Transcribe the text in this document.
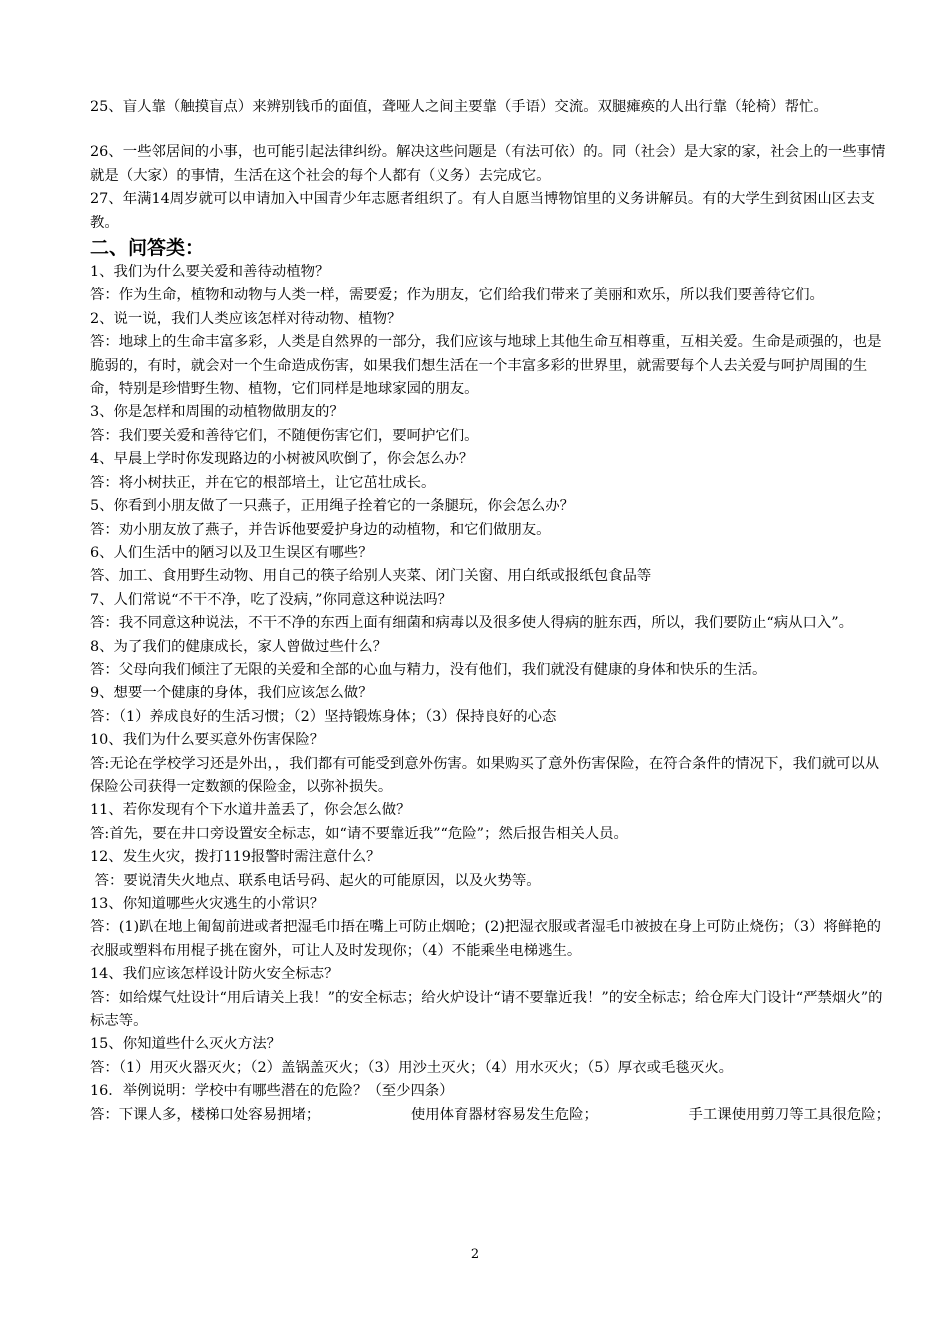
25、盲人靠（触摸盲点）来辨别钱币的面值，聋哑人之间主要靠（手语）交流。双腿瘫痪的人出行靠（轮椅）帮忙。

26、一些邻居间的小事，也可能引起法律纠纷。解决这些问题是（有法可依）的。同（社会）是大家的家，社会上的一些事情就是（大家）的事情，生活在这个社会的每个人都有（义务）去完成它。

27、年满14周岁就可以申请加入中国青少年志愿者组织了。有人自愿当博物馆里的义务讲解员。有的大学生到贫困山区去支教。

二、问答类：

1、我们为什么要关爱和善待动植物？

答：作为生命，植物和动物与人类一样，需要爱；作为朋友，它们给我们带来了美丽和欢乐，所以我们要善待它们。

2、说一说，我们人类应该怎样对待动物、植物？

答：地球上的生命丰富多彩，人类是自然界的一部分，我们应该与地球上其他生命互相尊重，互相关爱。生命是顽强的，也是脆弱的，有时，就会对一个生命造成伤害，如果我们想生活在一个丰富多彩的世界里，就需要每个人去关爱与呵护周围的生命，特别是珍惜野生物、植物，它们同样是地球家园的朋友。

3、你是怎样和周围的动植物做朋友的？

答：我们要关爱和善待它们，不随便伤害它们，要呵护它们。

4、早晨上学时你发现路边的小树被风吹倒了，你会怎么办？

答：将小树扶正，并在它的根部培土，让它茁壮成长。

5、你看到小朋友做了一只燕子，正用绳子拴着它的一条腿玩，你会怎么办？

答：劝小朋友放了燕子，并告诉他要爱护身边的动植物，和它们做朋友。

6、人们生活中的陋习以及卫生误区有哪些？

答、加工、食用野生动物、用自己的筷子给别人夹菜、闭门关窗、用白纸或报纸包食品等

7、人们常说“不干不净，吃了没病，”你同意这种说法吗？

答：我不同意这种说法，不干不净的东西上面有细菌和病毒以及很多使人得病的脏东西，所以，我们要防止“病从口入”。

8、为了我们的健康成长，家人曾做过些什么？

答：父母向我们倾注了无限的关爱和全部的心血与精力，没有他们，我们就没有健康的身体和快乐的生活。

9、想要一个健康的身体，我们应该怎么做？

答：（1）养成良好的生活习惯；（2）坚持锻炼身体；（3）保持良好的心态

10、我们为什么要买意外伤害保险？

答:无论在学校学习还是外出，，我们都有可能受到意外伤害。如果购买了意外伤害保险，在符合条件的情况下，我们就可以从保险公司获得一定数额的保险金，以弥补损失。

11、若你发现有个下水道井盖丢了，你会怎么做？

答:首先，要在井口旁设置安全标志，如“请不要靠近我”“危险”；然后报告相关人员。

12、发生火灾，拨打119报警时需注意什么？

答：要说清失火地点、联系电话号码、起火的可能原因，以及火势等。

13、你知道哪些火灾逃生的小常识？

答：(1)趴在地上匍匐前进或者把湿毛巾捂在嘴上可防止烟呛；(2)把湿衣服或者湿毛巾被披在身上可防止烧伤；（3）将鲜艳的衣服或塑料布用棍子挑在窗外，可让人及时发现你；（4）不能乘坐电梯逃生。

14、我们应该怎样设计防火安全标志？

答：如给煤气灶设计“用后请关上我！”的安全标志；给火炉设计“请不要靠近我！”的安全标志；给仓库大门设计“严禁烟火”的标志等。

15、你知道些什么灭火方法？

答：（1）用灭火器灭火；（2）盖锅盖灭火；（3）用沙土灭火；（4）用水灭火；（5）厚衣或毛毯灭火。

16．举例说明：学校中有哪些潜在的危险？（至少四条）

答：下课人多，楼梯口处容易拥堵；	使用体育器材容易发生危险；	手工课使用剪刀等工具很危险；
2
